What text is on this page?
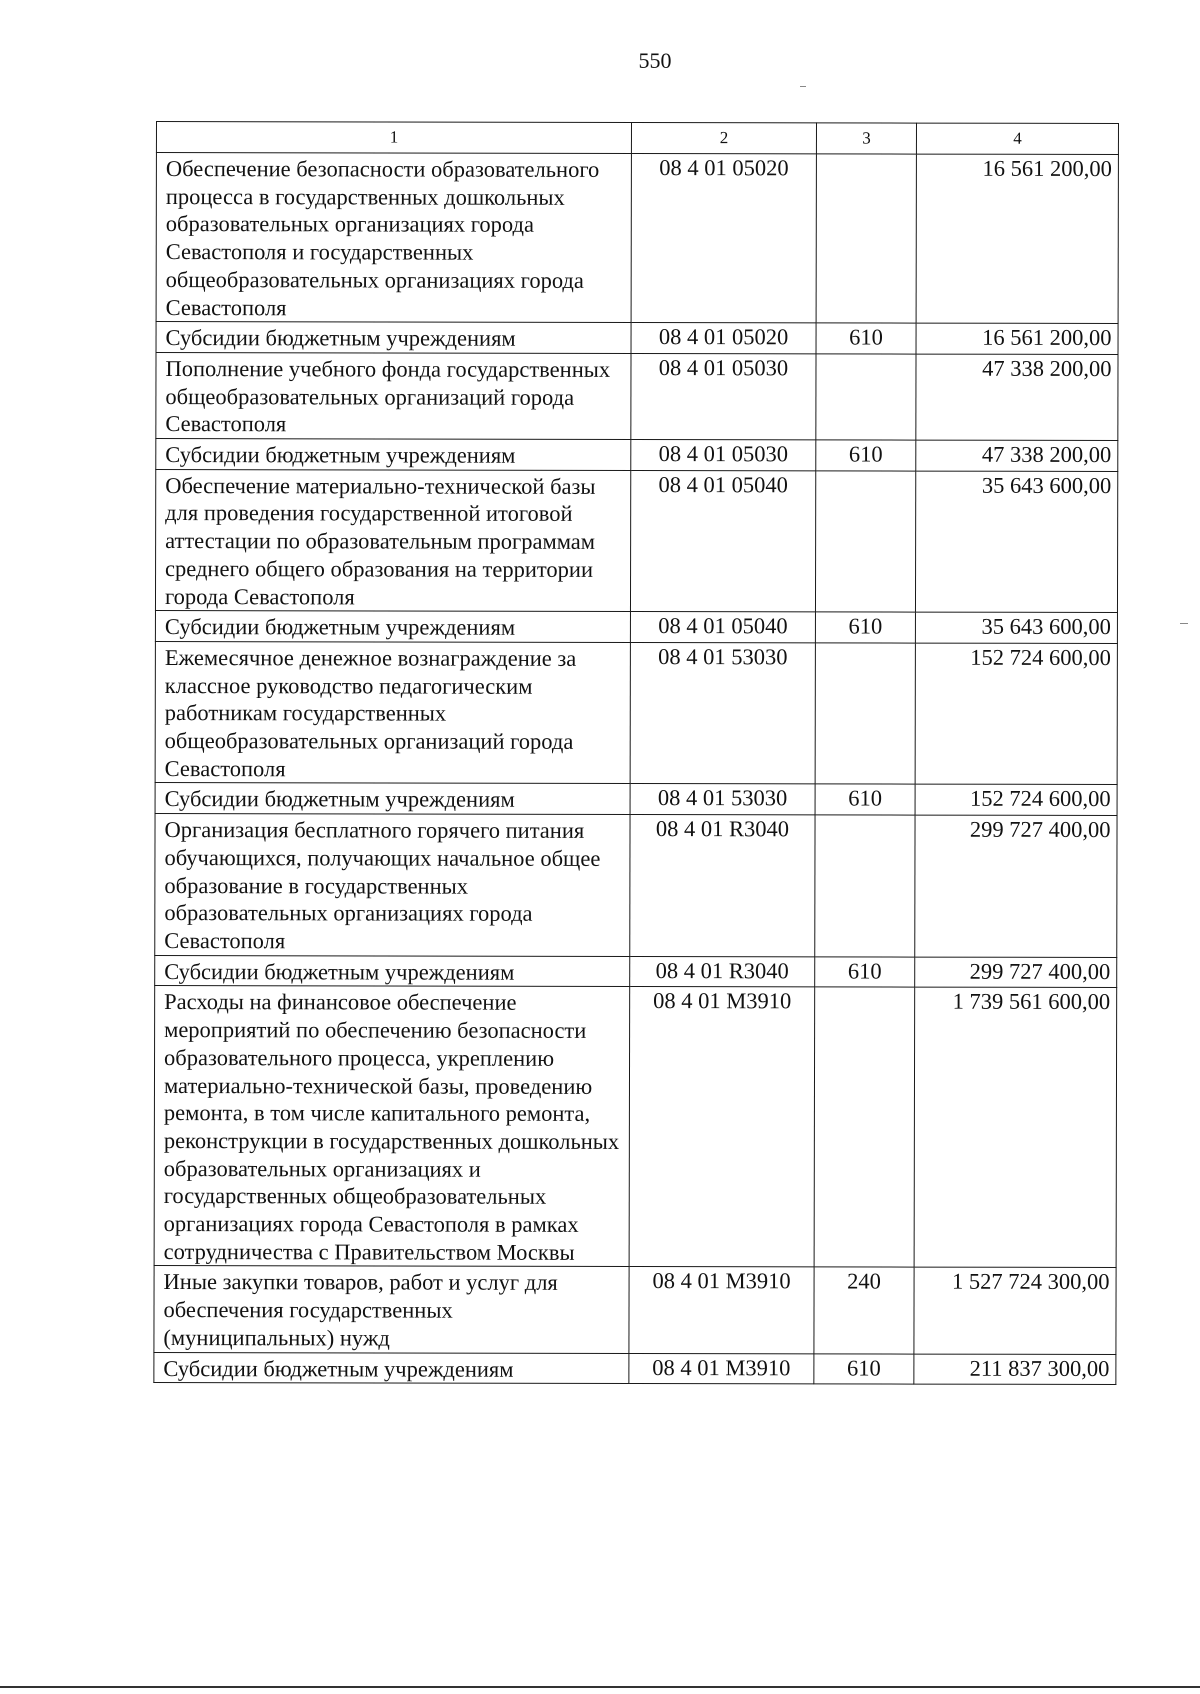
550
1	2	3	4
Обеспечение безопасности образовательного процесса в государственных дошкольных образовательных организациях города Севастополя и государственных общеобразовательных организациях города Севастополя	08 4 01 05020		16 561 200,00
Субсидии бюджетным учреждениям	08 4 01 05020	610	16 561 200,00
Пополнение учебного фонда государственных общеобразовательных организаций города Севастополя	08 4 01 05030		47 338 200,00
Субсидии бюджетным учреждениям	08 4 01 05030	610	47 338 200,00
Обеспечение материально-технической базы для проведения государственной итоговой аттестации по образовательным программам среднего общего образования на территории города Севастополя	08 4 01 05040		35 643 600,00
Субсидии бюджетным учреждениям	08 4 01 05040	610	35 643 600,00
Ежемесячное денежное вознаграждение за классное руководство педагогическим работникам государственных общеобразовательных организаций города Севастополя	08 4 01 53030		152 724 600,00
Субсидии бюджетным учреждениям	08 4 01 53030	610	152 724 600,00
Организация бесплатного горячего питания обучающихся, получающих начальное общее образование в государственных образовательных организациях города Севастополя	08 4 01 R3040		299 727 400,00
Субсидии бюджетным учреждениям	08 4 01 R3040	610	299 727 400,00
Расходы на финансовое обеспечение мероприятий по обеспечению безопасности образовательного процесса, укреплению материально-технической базы, проведению ремонта, в том числе капитального ремонта, реконструкции в государственных дошкольных образовательных организациях и государственных общеобразовательных организациях города Севастополя в рамках сотрудничества с Правительством Москвы	08 4 01 М3910		1 739 561 600,00
Иные закупки товаров, работ и услуг для обеспечения государственных (муниципальных) нужд	08 4 01 М3910	240	1 527 724 300,00
Субсидии бюджетным учреждениям	08 4 01 М3910	610	211 837 300,00
